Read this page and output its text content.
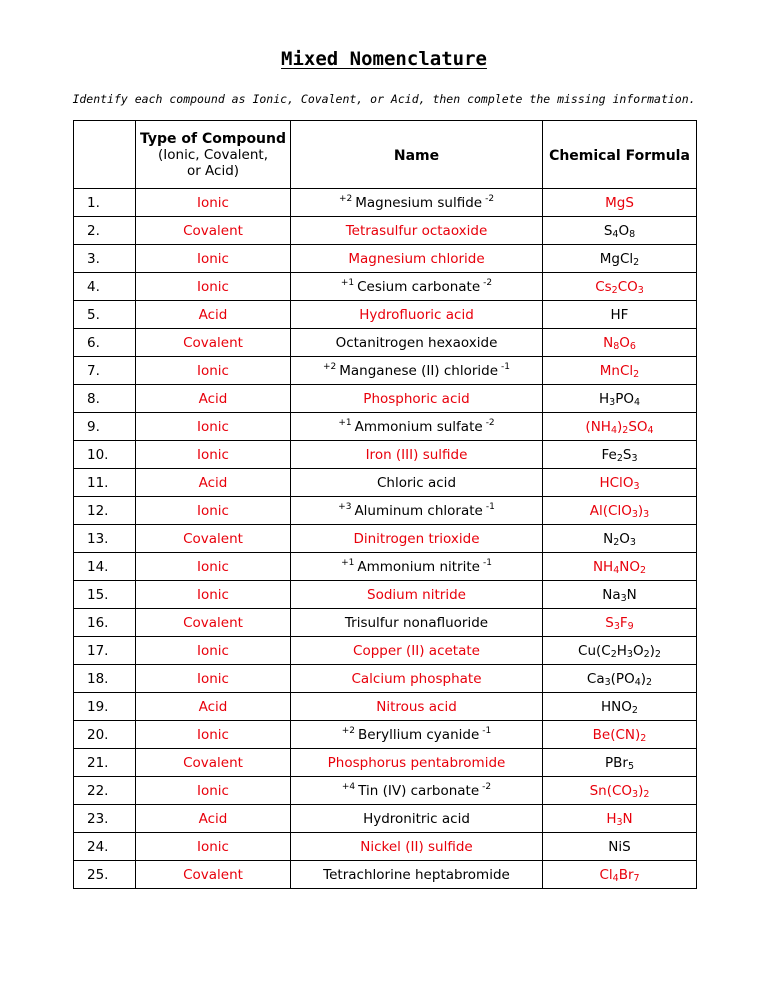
Mixed Nomenclature
Identify each compound as Ionic, Covalent, or Acid, then complete the missing information.

	Type of Compound
(Ionic, Covalent,
or Acid)	Name	Chemical Formula
1.	Ionic	$^{+2}$ Magnesium sulfide $^{-2}$	MgS
2.	Covalent	Tetrasulfur octaoxide	$S_4O_8$
3.	Ionic	Magnesium chloride	MgCl$_2$
4.	Ionic	$^{+1}$ Cesium carbonate $^{-2}$	$Cs_2CO_3$
5.	Acid	Hydrofluoric acid	HF
6.	Covalent	Octanitrogen hexaoxide	$N_8O_6$
7.	Ionic	$^{+2}$ Manganese (II) chloride $^{-1}$	MnCl$_2$
8.	Acid	Phosphoric acid	$H_3PO_4$
9.	Ionic	$^{+1}$ Ammonium sulfate $^{-2}$	$(NH_4)_2SO_4$
10.	Ionic	Iron (III) sulfide	$Fe_2S_3$
11.	Acid	Chloric acid	HClO$_3$
12.	Ionic	$^{+3}$ Aluminum chlorate $^{-1}$	$Al(ClO_3)_3$
13.	Covalent	Dinitrogen trioxide	$N_2O_3$
14.	Ionic	$^{+1}$ Ammonium nitrite $^{-1}$	$NH_4NO_2$
15.	Ionic	Sodium nitride	$Na_3N$
16.	Covalent	Trisulfur nonafluoride	$S_3F_9$
17.	Ionic	Copper (II) acetate	$Cu(C_2H_3O_2)_2$
18.	Ionic	Calcium phosphate	$Ca_3(PO_4)_2$
19.	Acid	Nitrous acid	$HNO_2$
20.	Ionic	$^{+2}$ Beryllium cyanide $^{-1}$	$Be(CN)_2$
21.	Covalent	Phosphorus pentabromide	PBr$_5$
22.	Ionic	$^{+4}$ Tin (IV) carbonate $^{-2}$	$Sn(CO_3)_2$
23.	Acid	Hydronitric acid	$H_3N$
24.	Ionic	Nickel (II) sulfide	NiS
25.	Covalent	Tetrachlorine heptabromide	$Cl_4Br_7$
